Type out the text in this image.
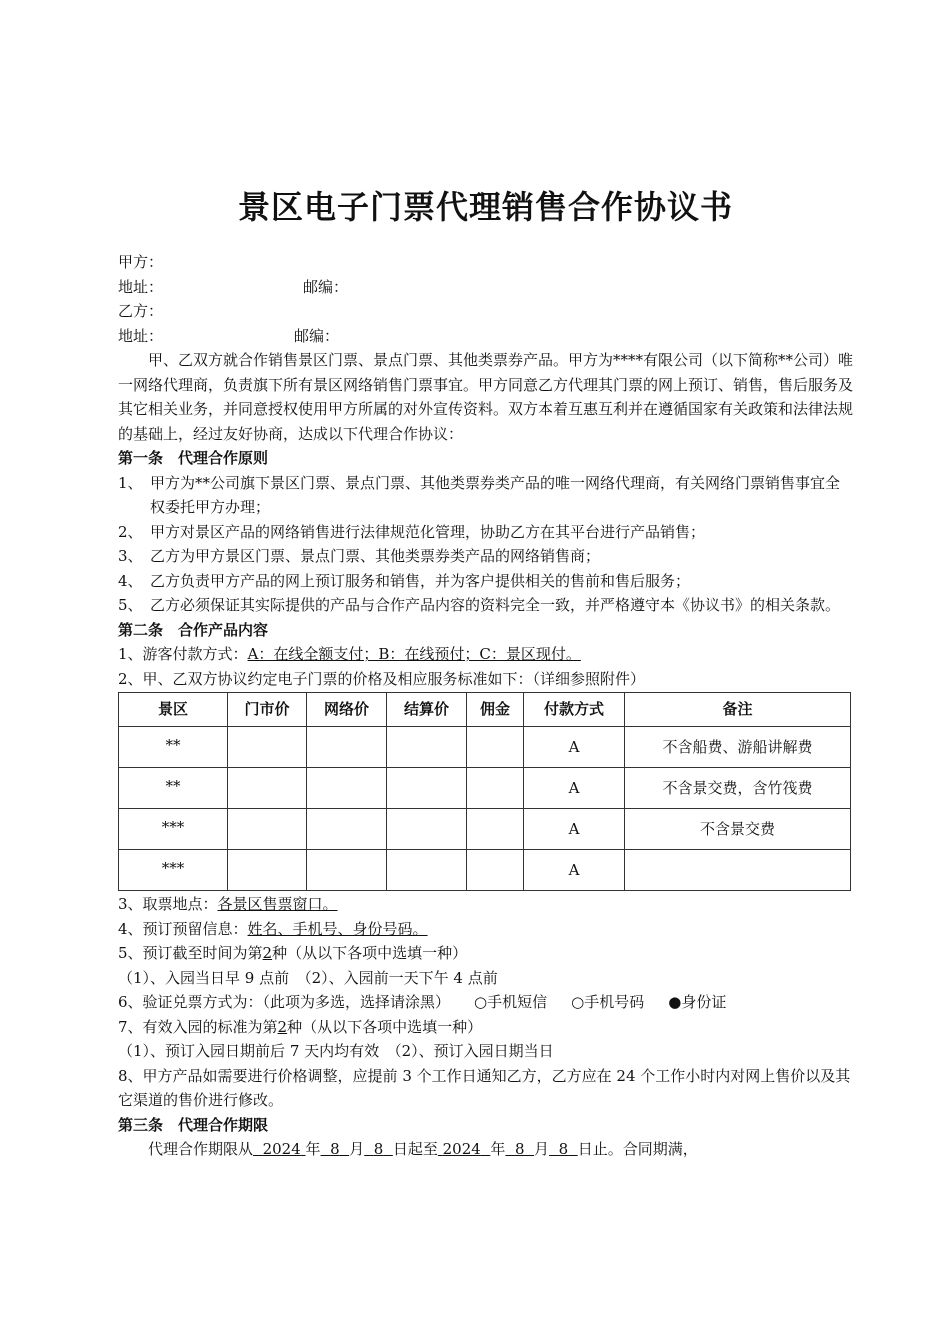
景区电子门票代理销售合作协议书
甲方：
地址：	邮编：
乙方：
地址：	邮编：
甲、乙双方就合作销售景区门票、景点门票、其他类票券产品。甲方为****有限公司（以下简称**公司）唯一网络代理商，负责旗下所有景区网络销售门票事宜。甲方同意乙方代理其门票的网上预订、销售，售后服务及其它相关业务，并同意授权使用甲方所属的对外宣传资料。双方本着互惠互利并在遵循国家有关政策和法律法规的基础上，经过友好协商，达成以下代理合作协议：
第一条　代理合作原则
1、 甲方为**公司旗下景区门票、景点门票、其他类票券类产品的唯一网络代理商，有关网络门票销售事宜全权委托甲方办理；
2、 甲方对景区产品的网络销售进行法律规范化管理，协助乙方在其平台进行产品销售；
3、 乙方为甲方景区门票、景点门票、其他类票券类产品的网络销售商；
4、 乙方负责甲方产品的网上预订服务和销售，并为客户提供相关的售前和售后服务；
5、 乙方必须保证其实际提供的产品与合作产品内容的资料完全一致，并严格遵守本《协议书》的相关条款。
第二条　合作产品内容
1、游客付款方式：A：在线全额支付；B：在线预付；C：景区现付。
2、甲、乙双方协议约定电子门票的价格及相应服务标准如下：（详细参照附件）
景区	门市价	网络价	结算价	佣金	付款方式	备注
**					A	不含船费、游船讲解费
**					A	不含景交费，含竹筏费
***					A	不含景交费
***					A	
3、取票地点：各景区售票窗口。
4、预订预留信息：姓名、手机号、身份号码。
5、预订截至时间为第2种（从以下各项中选填一种）
（1）、入园当日早 9 点前　（2）、入园前一天下午 4 点前
6、验证兑票方式为：（此项为多选，选择请涂黑） ○手机短信 ○手机号码 ●身份证
7、有效入园的标准为第2种（从以下各项中选填一种）
（1）、预订入园日期前后 7 天内均有效　（2）、预订入园日期当日
8、甲方产品如需要进行价格调整，应提前 3 个工作日通知乙方，乙方应在 24 个工作小时内对网上售价以及其它渠道的售价进行修改。
第三条　代理合作期限
代理合作期限从 2024 年 8 月 8 日起至 2024 年 8 月 8 日止。合同期满，
